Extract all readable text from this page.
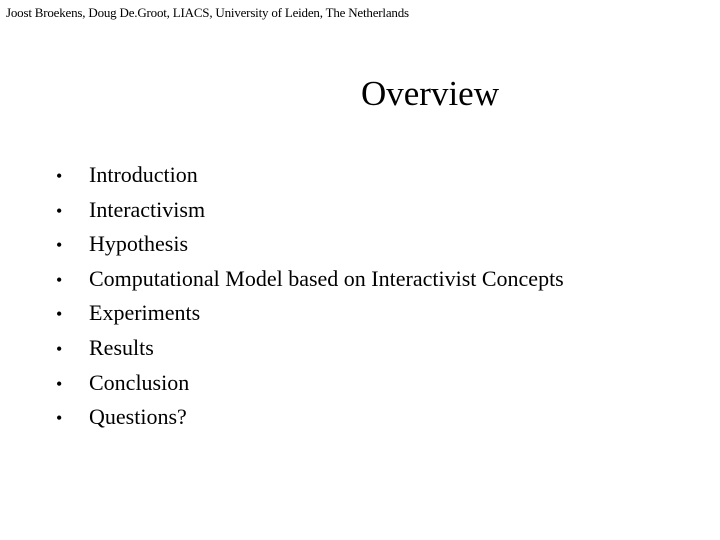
Joost Broekens, Doug De.Groot, LIACS, University of Leiden, The Netherlands
Overview
•	Introduction
•	Interactivism
•	Hypothesis
•	Computational Model based on Interactivist Concepts
•	Experiments
•	Results
•	Conclusion
•	Questions?
